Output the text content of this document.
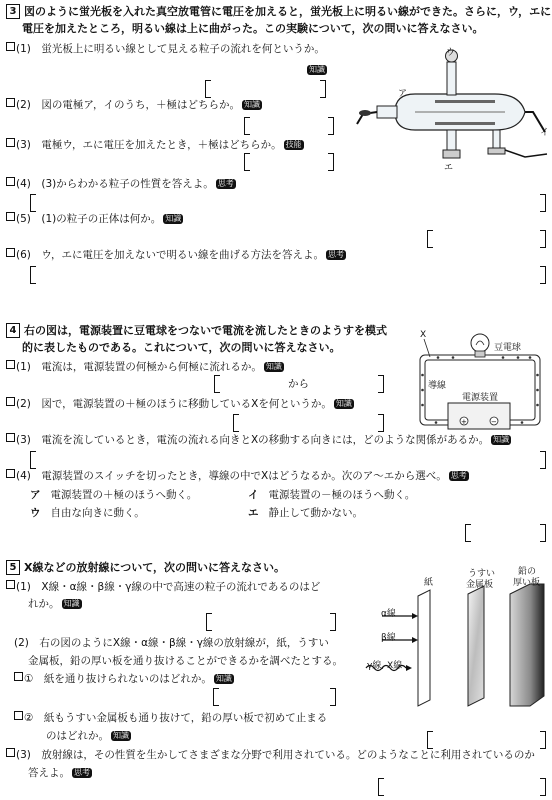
3 図のように蛍光板を入れた真空放電管に電圧を加えると，蛍光板上に明るい線ができた。さらに，ウ，エに
電圧を加えたところ，明るい線は上に曲がった。この実験について，次の問いに答えなさい。
(1)　 蛍光板上に明るい線として見える粒子の流れを何というか。
知識
(2)　 図の電極ア，イのうち，＋極はどちらか。 知識
(3)　 電極ウ，エに電圧を加えたとき，＋極はどちらか。 技能
(4)　 (3)からわかる粒子の性質を答えよ。 思考
(5)　 (1)の粒子の正体は何か。 知識
(6)　 ウ，エに電圧を加えないで明るい線を曲げる方法を答えよ。 思考
ウ
ア
エ
イ
4 右の図は，電源装置に豆電球をつないで電流を流したときのようすを模式
的に表したものである。これについて，次の問いに答えなさい。
(1)　 電流は，電源装置の何極から何極に流れるか。 知識
から
(2)　 図で，電源装置の＋極のほうに移動しているXを何というか。 知識
(3)　 電流を流しているとき，電流の流れる向きとXの移動する向きには，どのような関係があるか。 知識
(4)　 電源装置のスイッチを切ったとき，導線の中でXはどうなるか。次のア～エから選べ。 思考
ア 電源装置の＋極のほうへ動く。	イ 電源装置の－極のほうへ動く。
ウ 自由な向きに動く。	エ 静止して動かない。
+	−
豆電球
X
導線
電源装置
5 X線などの放射線について，次の問いに答えなさい。
(1)　 X線・α線・β線・γ線の中で高速の粒子の流れであるのはど
れか。 知識
(2)　 右の図のようにX線・α線・β線・γ線の放射線が，紙，うすい
金属板，鉛の厚い板を通り抜けることができるかを調べたとする。
①　 紙を通り抜けられないのはどれか。 知識
②　 紙もうすい金属板も通り抜けて，鉛の厚い板で初めて止まる
のはどれか。 知識
(3)　 放射線は，その性質を生かしてさまざまな分野で利用されている。どのようなことに利用されているのか
答えよ。 思考
α線
β線
γ線, X線
紙
うすい
金属板
鉛の
厚い板
